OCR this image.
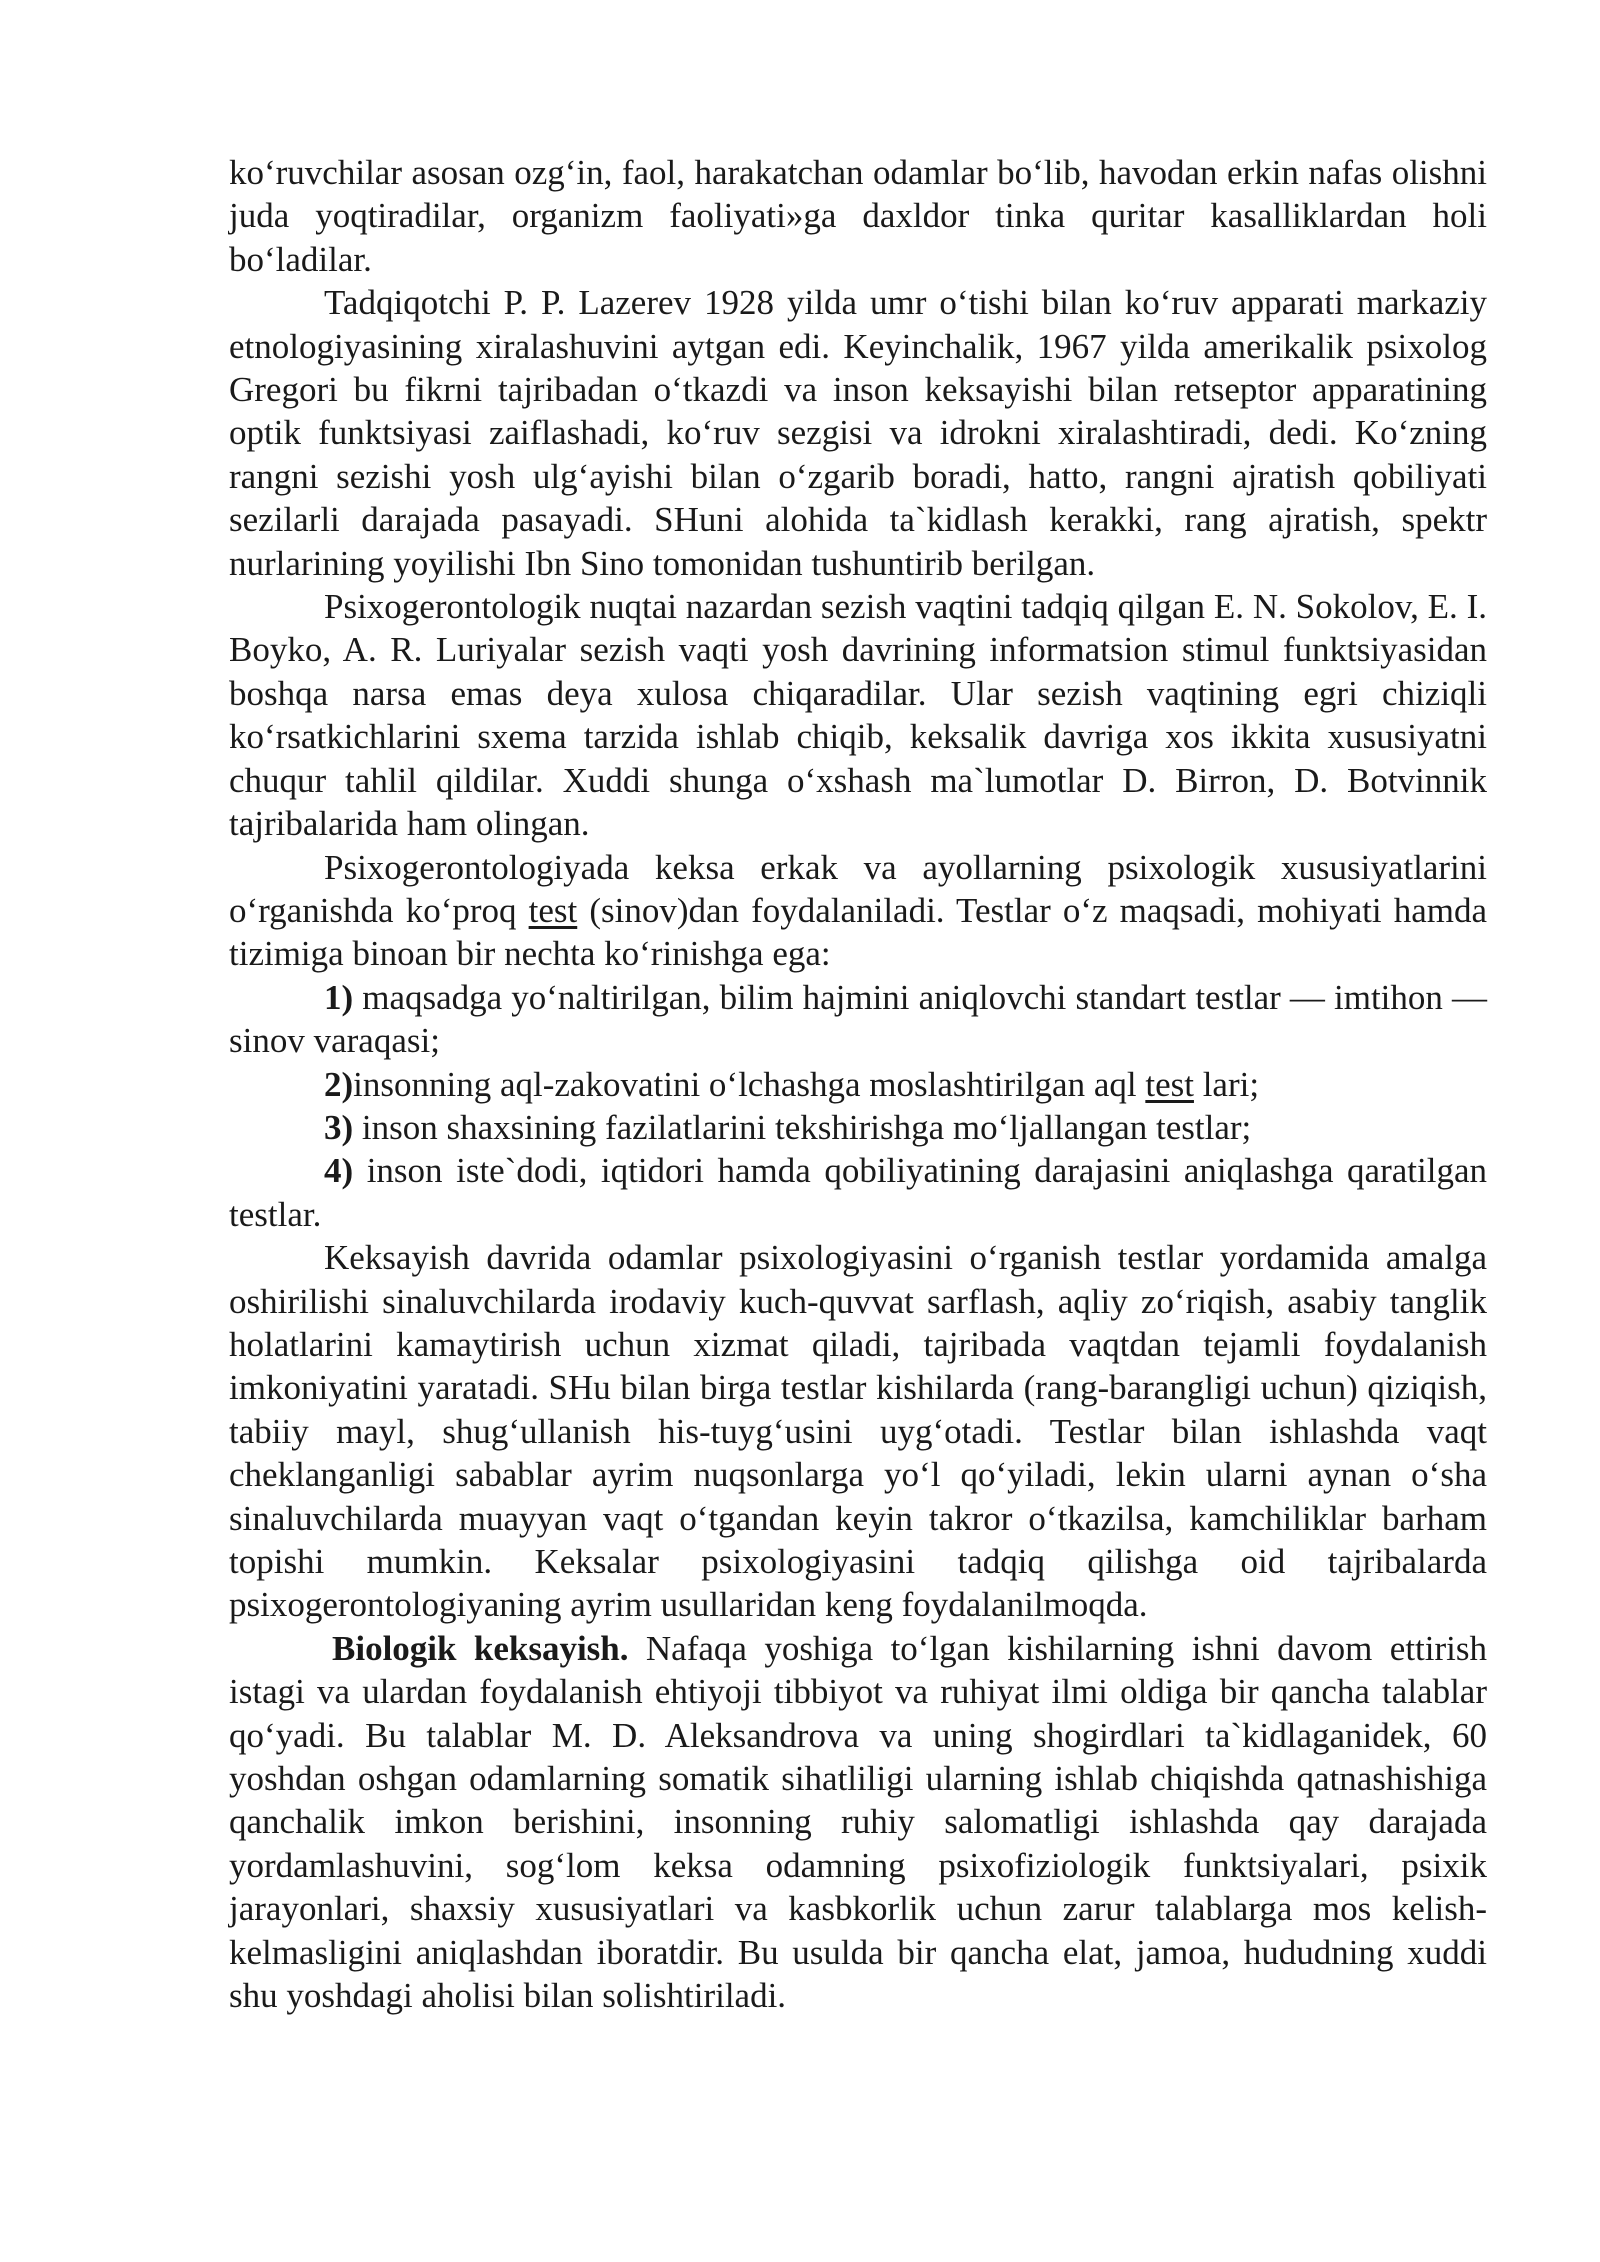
ko‘ruvchilar asosan ozg‘in, faol, harakatchan odamlar bo‘lib, havodan erkin nafas olishni juda yoqtiradilar, organizm faoliyati»ga daxldor tinka quritar kasalliklardan holi bo‘ladilar.

Tadqiqotchi P. P. Lazerev 1928 yilda umr o‘tishi bilan ko‘ruv apparati markaziy etnologiyasining xiralashuvini aytgan edi. Keyinchalik, 1967 yilda amerikalik psixolog Gregori bu fikrni tajribadan o‘tkazdi va inson keksayishi bilan retseptor apparatining optik funktsiyasi zaiflashadi, ko‘ruv sezgisi va idrokni xiralashtiradi, dedi. Ko‘zning rangni sezishi yosh ulg‘ayishi bilan o‘zgarib boradi, hatto, rangni ajratish qobiliyati sezilarli darajada pasayadi. SHuni alohida ta`kidlash kerakki, rang ajratish, spektr nurlarining yoyilishi Ibn Sino tomonidan tushuntirib berilgan.

Psixogerontologik nuqtai nazardan sezish vaqtini tadqiq qilgan E. N. Sokolov, E. I. Boyko, A. R. Luriyalar sezish vaqti yosh davrining informatsion stimul funktsiyasidan boshqa narsa emas deya xulosa chiqaradilar. Ular sezish vaqtining egri chiziqli ko‘rsatkichlarini sxema tarzida ishlab chiqib, keksalik davriga xos ikkita xususiyatni chuqur tahlil qildilar. Xuddi shunga o‘xshash ma`lumotlar D. Birron, D. Botvinnik tajribalarida ham olingan.

Psixogerontologiyada keksa erkak va ayollarning psixologik xususiyatlarini o‘rganishda ko‘proq test (sinov)dan foydalaniladi. Testlar o‘z maqsadi, mohiyati hamda tizimiga binoan bir nechta ko‘rinishga ega:

1) maqsadga yo‘naltirilgan, bilim hajmini aniqlovchi standart testlar — imtihon — sinov varaqasi;

2)insonning aql-zakovatini o‘lchashga moslashtirilgan aql test lari;

3) inson shaxsining fazilatlarini tekshirishga mo‘ljallangan testlar;

4) inson iste`dodi, iqtidori hamda qobiliyatining darajasini aniqlashga qaratilgan testlar.

Keksayish davrida odamlar psixologiyasini o‘rganish testlar yordamida amalga oshirilishi sinaluvchilarda irodaviy kuch-quvvat sarflash, aqliy zo‘riqish, asabiy tanglik holatlarini kamaytirish uchun xizmat qiladi, tajribada vaqtdan tejamli foydalanish imkoniyatini yaratadi. SHu bilan birga testlar kishilarda (rang-barangligi uchun) qiziqish, tabiiy mayl, shug‘ullanish his-tuyg‘usini uyg‘otadi. Testlar bilan ishlashda vaqt cheklanganligi sabablar ayrim nuqsonlarga yo‘l qo‘yiladi, lekin ularni aynan o‘sha sinaluvchilarda muayyan vaqt o‘tgandan keyin takror o‘tkazilsa, kamchiliklar barham topishi mumkin. Keksalar psixologiyasini tadqiq qilishga oid tajribalarda psixogerontologiyaning ayrim usullaridan keng foydalanilmoqda.

Biologik keksayish. Nafaqa yoshiga to‘lgan kishilarning ishni davom ettirish istagi va ulardan foydalanish ehtiyoji tibbiyot va ruhiyat ilmi oldiga bir qancha talablar qo‘yadi. Bu talablar M. D. Aleksandrova va uning shogirdlari ta`kidlaganidek, 60 yoshdan oshgan odamlarning somatik sihatliligi ularning ishlab chiqishda qatnashishiga qanchalik imkon berishini, insonning ruhiy salomatligi ishlashda qay darajada yordamlashuvini, sog‘lom keksa odamning psixofiziologik funktsiyalari, psixik jarayonlari, shaxsiy xususiyatlari va kasbkorlik uchun zarur talablarga mos kelish-kelmasligini aniqlashdan iboratdir. Bu usulda bir qancha elat, jamoa, hududning xuddi shu yoshdagi aholisi bilan solishtiriladi.
